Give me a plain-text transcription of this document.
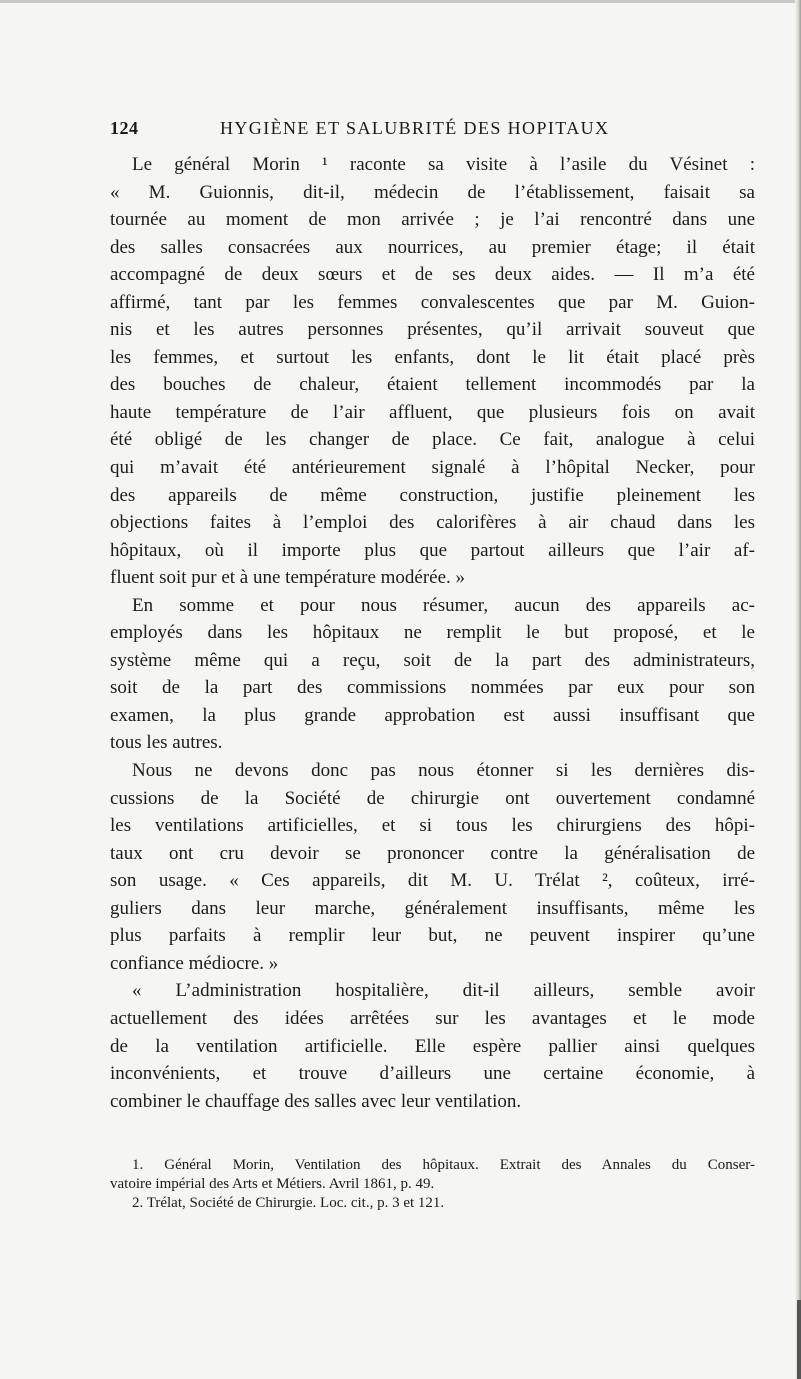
124	HYGIÈNE ET SALUBRITÉ DES HOPITAUX
Le général Morin ¹ raconte sa visite à l’asile du Vésinet :
« M. Guionnis, dit-il, médecin de l’établissement, faisait sa
tournée au moment de mon arrivée ; je l’ai rencontré dans une
des salles consacrées aux nourrices, au premier étage; il était
accompagné de deux sœurs et de ses deux aides. — Il m’a été
affirmé, tant par les femmes convalescentes que par M. Guion-
nis et les autres personnes présentes, qu’il arrivait souveut que
les femmes, et surtout les enfants, dont le lit était placé près
des bouches de chaleur, étaient tellement incommodés par la
haute température de l’air affluent, que plusieurs fois on avait
été obligé de les changer de place. Ce fait, analogue à celui
qui m’avait été antérieurement signalé à l’hôpital Necker, pour
des appareils de même construction, justifie pleinement les
objections faites à l’emploi des calorifères à air chaud dans les
hôpitaux, où il importe plus que partout ailleurs que l’air af-
fluent soit pur et à une température modérée. »
En somme et pour nous résumer, aucun des appareils ac-
employés dans les hôpitaux ne remplit le but proposé, et le
système même qui a reçu, soit de la part des administrateurs,
soit de la part des commissions nommées par eux pour son
examen, la plus grande approbation est aussi insuffisant que
tous les autres.
Nous ne devons donc pas nous étonner si les dernières dis-
cussions de la Société de chirurgie ont ouvertement condamné
les ventilations artificielles, et si tous les chirurgiens des hôpi-
taux ont cru devoir se prononcer contre la généralisation de
son usage. « Ces appareils, dit M. U. Trélat ², coûteux, irré-
guliers dans leur marche, généralement insuffisants, même les
plus parfaits à remplir leur but, ne peuvent inspirer qu’une
confiance médiocre. »
« L’administration hospitalière, dit-il ailleurs, semble avoir
actuellement des idées arrêtées sur les avantages et le mode
de la ventilation artificielle. Elle espère pallier ainsi quelques
inconvénients, et trouve d’ailleurs une certaine économie, à
combiner le chauffage des salles avec leur ventilation.
1. Général Morin, Ventilation des hôpitaux. Extrait des Annales du Conser-
vatoire impérial des Arts et Métiers. Avril 1861, p. 49.
2. Trélat, Société de Chirurgie. Loc. cit., p. 3 et 121.
